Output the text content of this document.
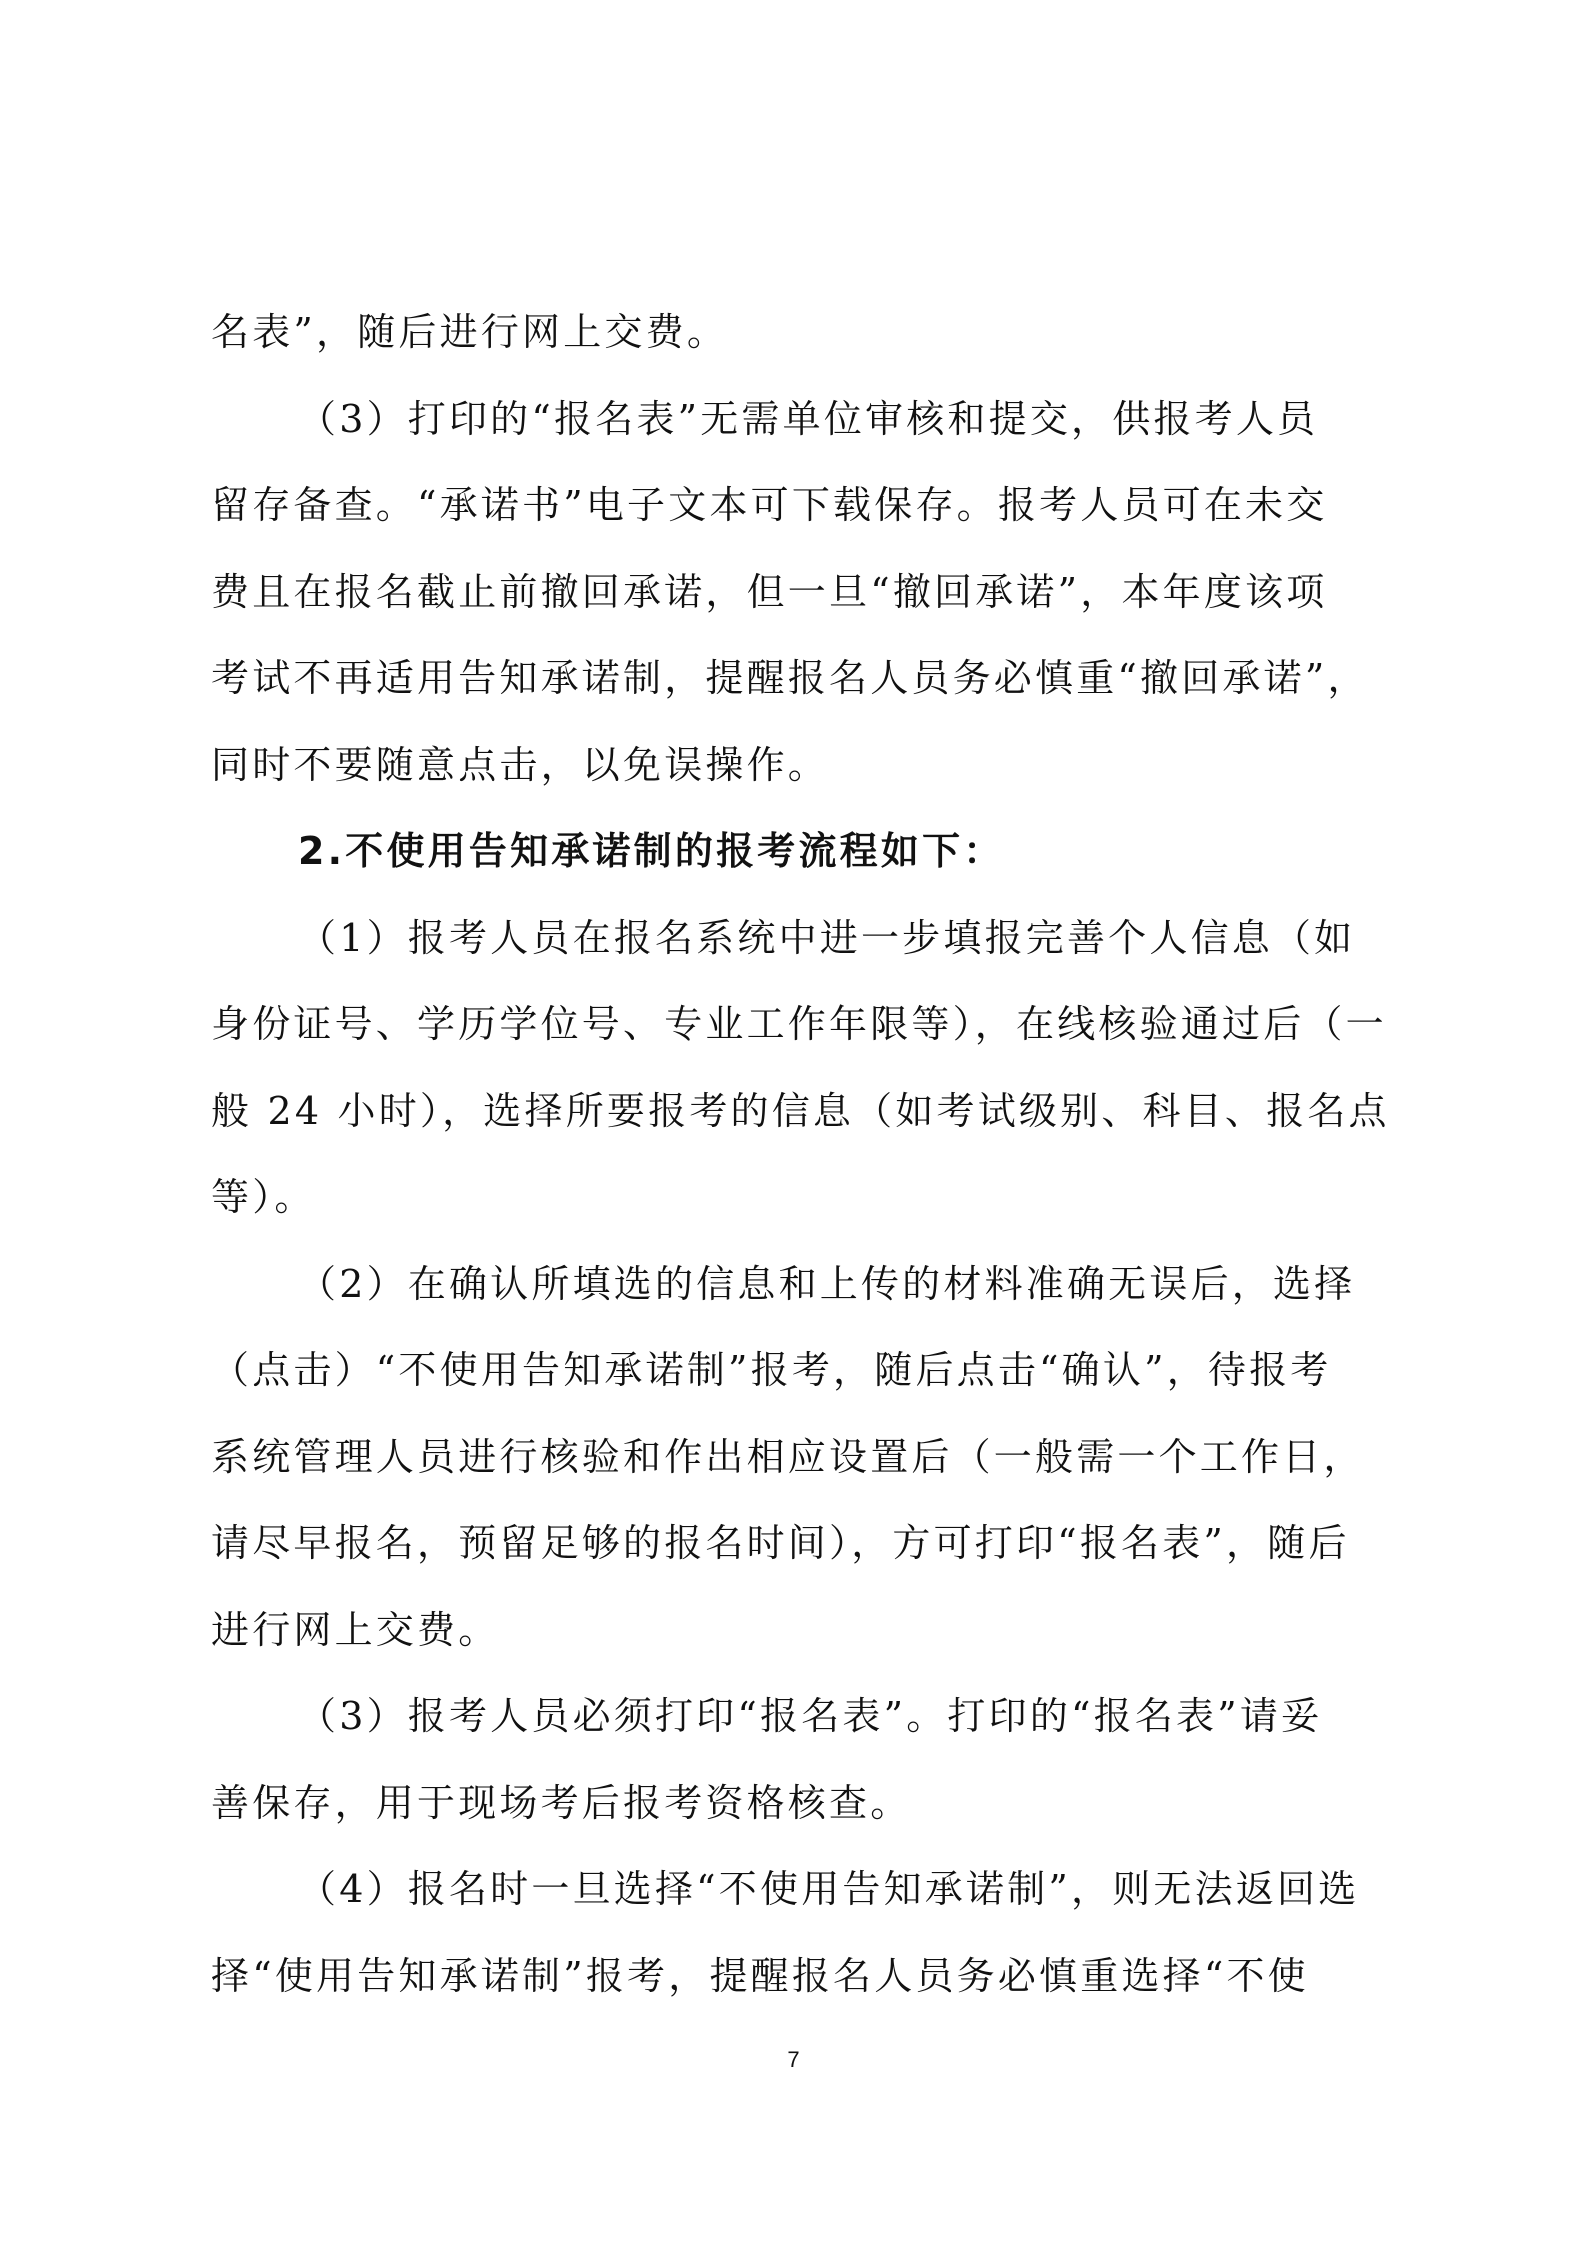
名表”，随后进行网上交费。
（3）打印的“报名表”无需单位审核和提交，供报考人员
留存备查。“承诺书”电子文本可下载保存。报考人员可在未交
费且在报名截止前撤回承诺，但一旦“撤回承诺”，本年度该项
考试不再适用告知承诺制，提醒报名人员务必慎重“撤回承诺”，
同时不要随意点击，以免误操作。
2.不使用告知承诺制的报考流程如下：
（1）报考人员在报名系统中进一步填报完善个人信息（如
身份证号、学历学位号、专业工作年限等），在线核验通过后（一
般 24 小时），选择所要报考的信息（如考试级别、科目、报名点
等）。
（2）在确认所填选的信息和上传的材料准确无误后，选择
（点击）“不使用告知承诺制”报考，随后点击“确认”，待报考
系统管理人员进行核验和作出相应设置后（一般需一个工作日，
请尽早报名，预留足够的报名时间），方可打印“报名表”，随后
进行网上交费。
（3）报考人员必须打印“报名表”。打印的“报名表”请妥
善保存，用于现场考后报考资格核查。
（4）报名时一旦选择“不使用告知承诺制”，则无法返回选
择“使用告知承诺制”报考，提醒报名人员务必慎重选择“不使
7
